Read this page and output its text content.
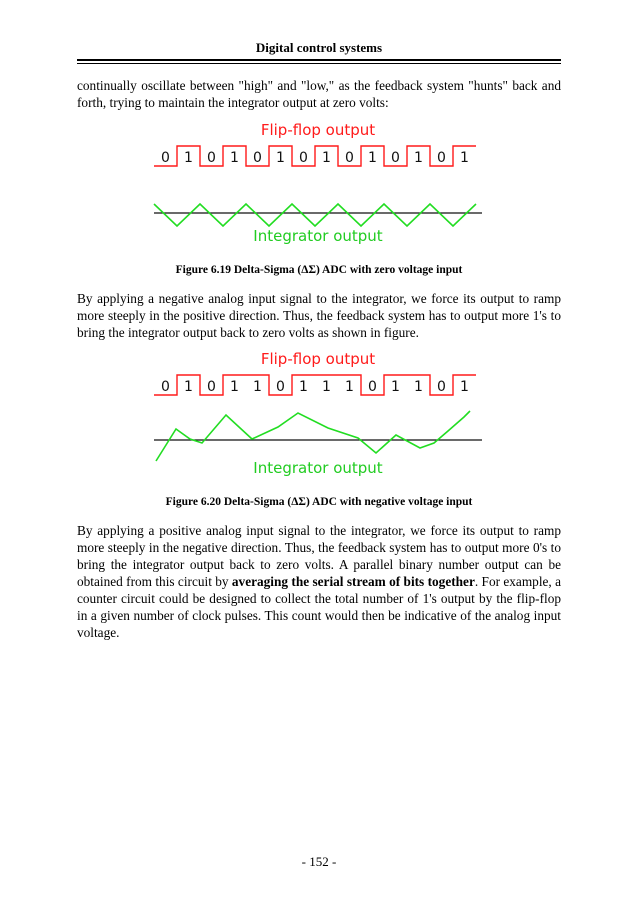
Digital control systems

continually oscillate between "high" and "low," as the feedback system "hunts" back and forth, trying to maintain the integrator output at zero volts:

Flip-flop output
0 1 0 1 0 1 0 1 0 1 0 1 0 1
Integrator output
Figure 6.19 Delta-Sigma (ΔΣ) ADC with zero voltage input

By applying a negative analog input signal to the integrator, we force its output to ramp more steeply in the positive direction. Thus, the feedback system has to output more 1's to bring the integrator output back to zero volts as shown in figure.

Flip-flop output
0 1 0 1 1 0 1 1 1 0 1 1 0 1
Integrator output
Figure 6.20 Delta-Sigma (ΔΣ) ADC with negative voltage input

By applying a positive analog input signal to the integrator, we force its output to ramp more steeply in the negative direction. Thus, the feedback system has to output more 0's to bring the integrator output back to zero volts. A parallel binary number output can be obtained from this circuit by averaging the serial stream of bits together. For example, a counter circuit could be designed to collect the total number of 1's output by the flip-flop in a given number of clock pulses. This count would then be indicative of the analog input voltage.

- 152 -
